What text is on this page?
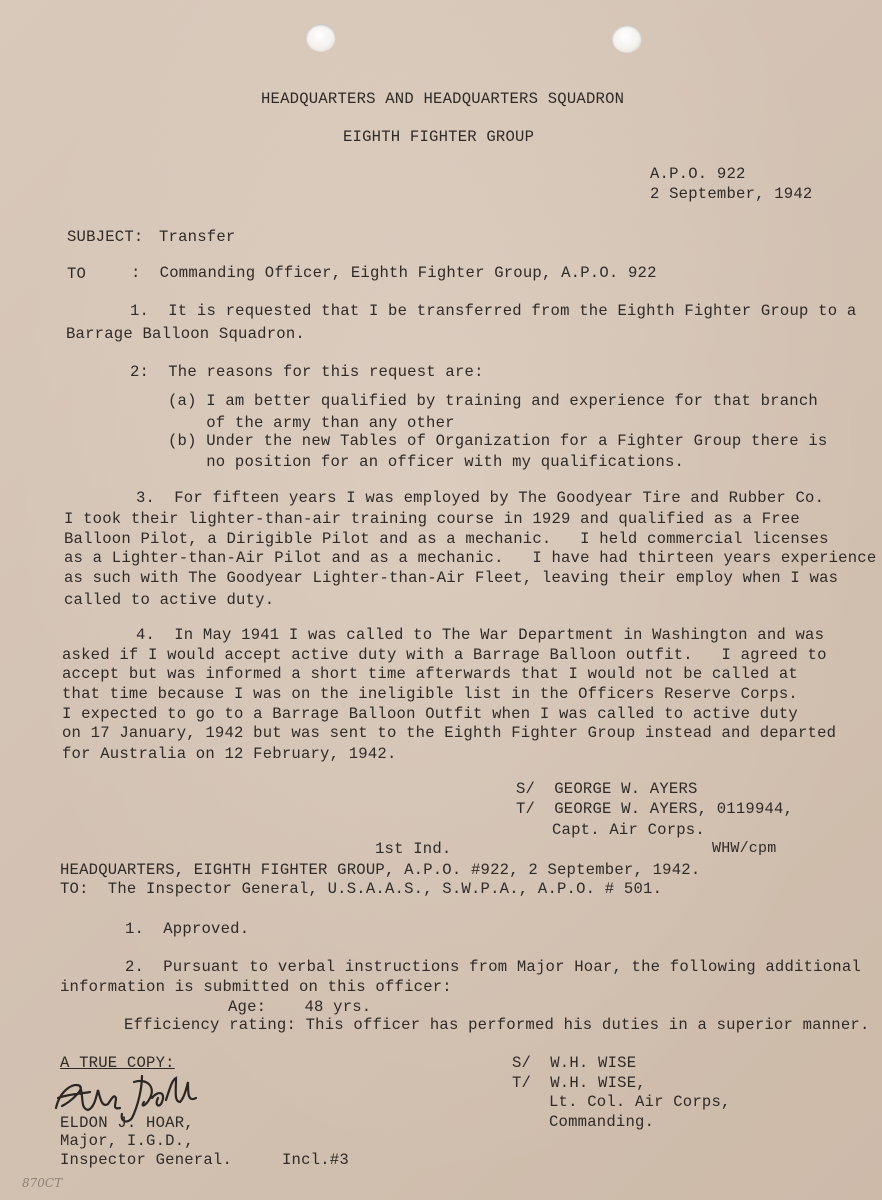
HEADQUARTERS AND HEADQUARTERS SQUADRON
EIGHTH FIGHTER GROUP
A.P.O. 922
2 September, 1942
SUBJECT: Transfer
TO	:  Commanding Officer, Eighth Fighter Group, A.P.O. 922
1.  It is requested that I be transferred from the Eighth Fighter Group to a
Barrage Balloon Squadron.
2:  The reasons for this request are:
(a) I am better qualified by training and experience for that branch
of the army than any other
(b) Under the new Tables of Organization for a Fighter Group there is
no position for an officer with my qualifications.
3.  For fifteen years I was employed by The Goodyear Tire and Rubber Co.
I took their lighter-than-air training course in 1929 and qualified as a Free
Balloon Pilot, a Dirigible Pilot and as a mechanic.   I held commercial licenses
as a Lighter-than-Air Pilot and as a mechanic.   I have had thirteen years experience
as such with The Goodyear Lighter-than-Air Fleet, leaving their employ when I was
called to active duty.
4.  In May 1941 I was called to The War Department in Washington and was
asked if I would accept active duty with a Barrage Balloon outfit.   I agreed to
accept but was informed a short time afterwards that I would not be called at
that time because I was on the ineligible list in the Officers Reserve Corps.
I expected to go to a Barrage Balloon Outfit when I was called to active duty
on 17 January, 1942 but was sent to the Eighth Fighter Group instead and departed
for Australia on 12 February, 1942.
S/  GEORGE W. AYERS
T/  GEORGE W. AYERS, 0119944,
Capt. Air Corps.
1st Ind.	WHW/cpm
HEADQUARTERS, EIGHTH FIGHTER GROUP, A.P.O. #922, 2 September, 1942.
TO:  The Inspector General, U.S.A.A.S., S.W.P.A., A.P.O. # 501.
1.  Approved.
2.  Pursuant to verbal instructions from Major Hoar, the following additional
information is submitted on this officer:
Age:    48 yrs.
Efficiency rating: This officer has performed his duties in a superior manner.
A TRUE COPY:
ELDON J. HOAR,
Major, I.G.D.,
Inspector General.	Incl.#3
S/  W.H. WISE
T/  W.H. WISE,
Lt. Col. Air Corps,
Commanding.
870CT
